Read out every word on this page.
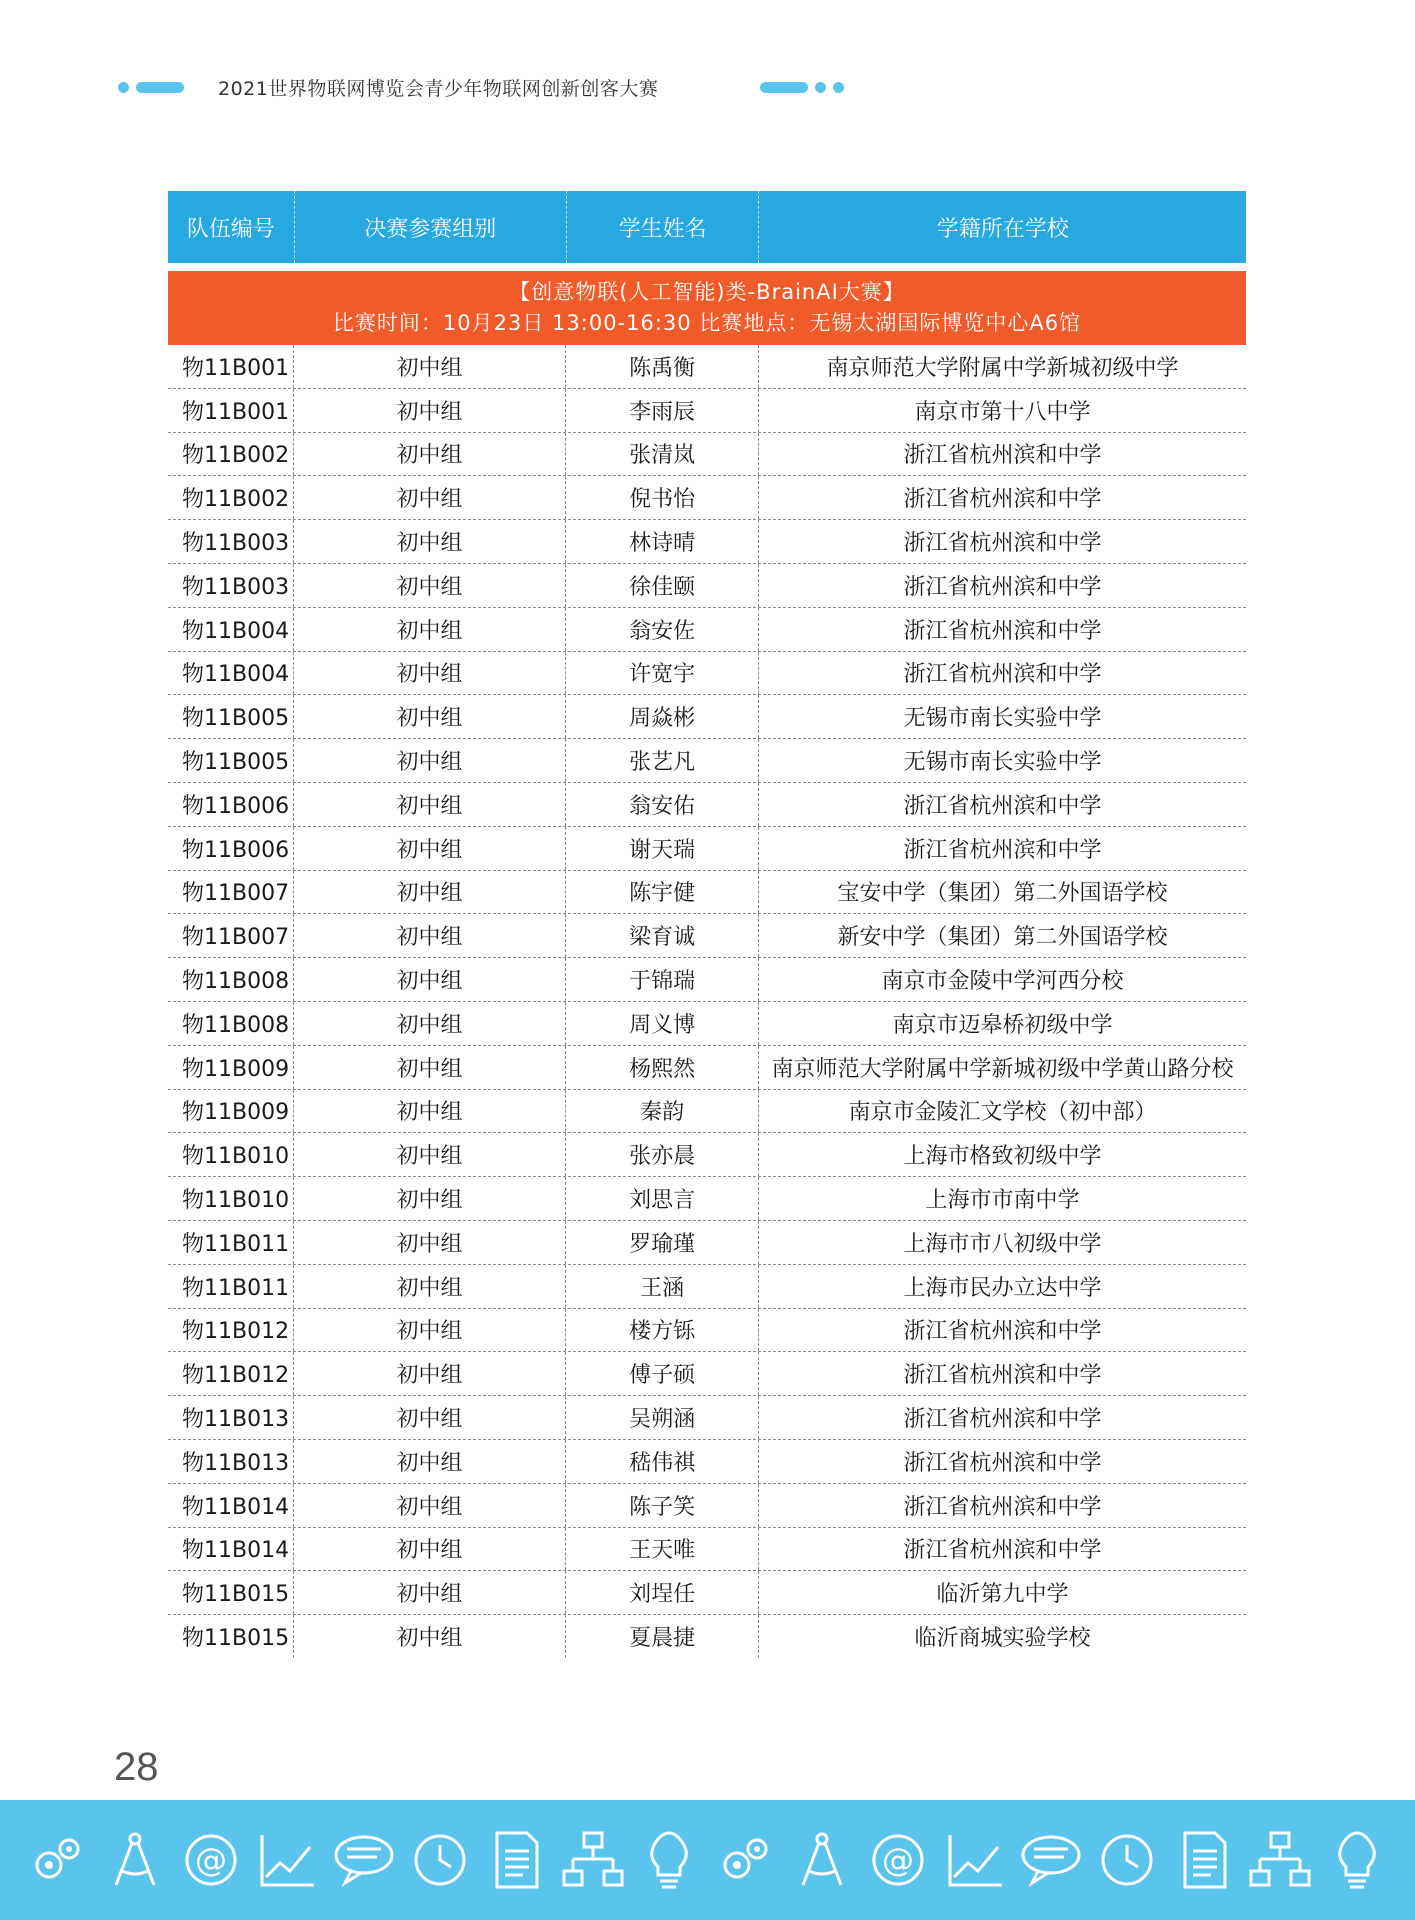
2021世界物联网博览会青少年物联网创新创客大赛
队伍编号	决赛参赛组别	学生姓名	学籍所在学校
【创意物联(人工智能)类-BrainAI大赛】
比赛时间：10月23日 13:00-16:30 比赛地点：无锡太湖国际博览中心A6馆
物11B001	初中组	陈禹衡	南京师范大学附属中学新城初级中学
物11B001	初中组	李雨辰	南京市第十八中学
物11B002	初中组	张清岚	浙江省杭州滨和中学
物11B002	初中组	倪书怡	浙江省杭州滨和中学
物11B003	初中组	林诗晴	浙江省杭州滨和中学
物11B003	初中组	徐佳颐	浙江省杭州滨和中学
物11B004	初中组	翁安佐	浙江省杭州滨和中学
物11B004	初中组	许宽宇	浙江省杭州滨和中学
物11B005	初中组	周焱彬	无锡市南长实验中学
物11B005	初中组	张艺凡	无锡市南长实验中学
物11B006	初中组	翁安佑	浙江省杭州滨和中学
物11B006	初中组	谢天瑞	浙江省杭州滨和中学
物11B007	初中组	陈宇健	宝安中学（集团）第二外国语学校
物11B007	初中组	梁育诚	新安中学（集团）第二外国语学校
物11B008	初中组	于锦瑞	南京市金陵中学河西分校
物11B008	初中组	周义博	南京市迈皋桥初级中学
物11B009	初中组	杨熙然	南京师范大学附属中学新城初级中学黄山路分校
物11B009	初中组	秦韵	南京市金陵汇文学校（初中部）
物11B010	初中组	张亦晨	上海市格致初级中学
物11B010	初中组	刘思言	上海市市南中学
物11B011	初中组	罗瑜瑾	上海市市八初级中学
物11B011	初中组	王涵	上海市民办立达中学
物11B012	初中组	楼方铄	浙江省杭州滨和中学
物11B012	初中组	傅子硕	浙江省杭州滨和中学
物11B013	初中组	吴朔涵	浙江省杭州滨和中学
物11B013	初中组	嵇伟祺	浙江省杭州滨和中学
物11B014	初中组	陈子笑	浙江省杭州滨和中学
物11B014	初中组	王天唯	浙江省杭州滨和中学
物11B015	初中组	刘埕任	临沂第九中学
物11B015	初中组	夏晨捷	临沂商城实验学校
28
@	@
